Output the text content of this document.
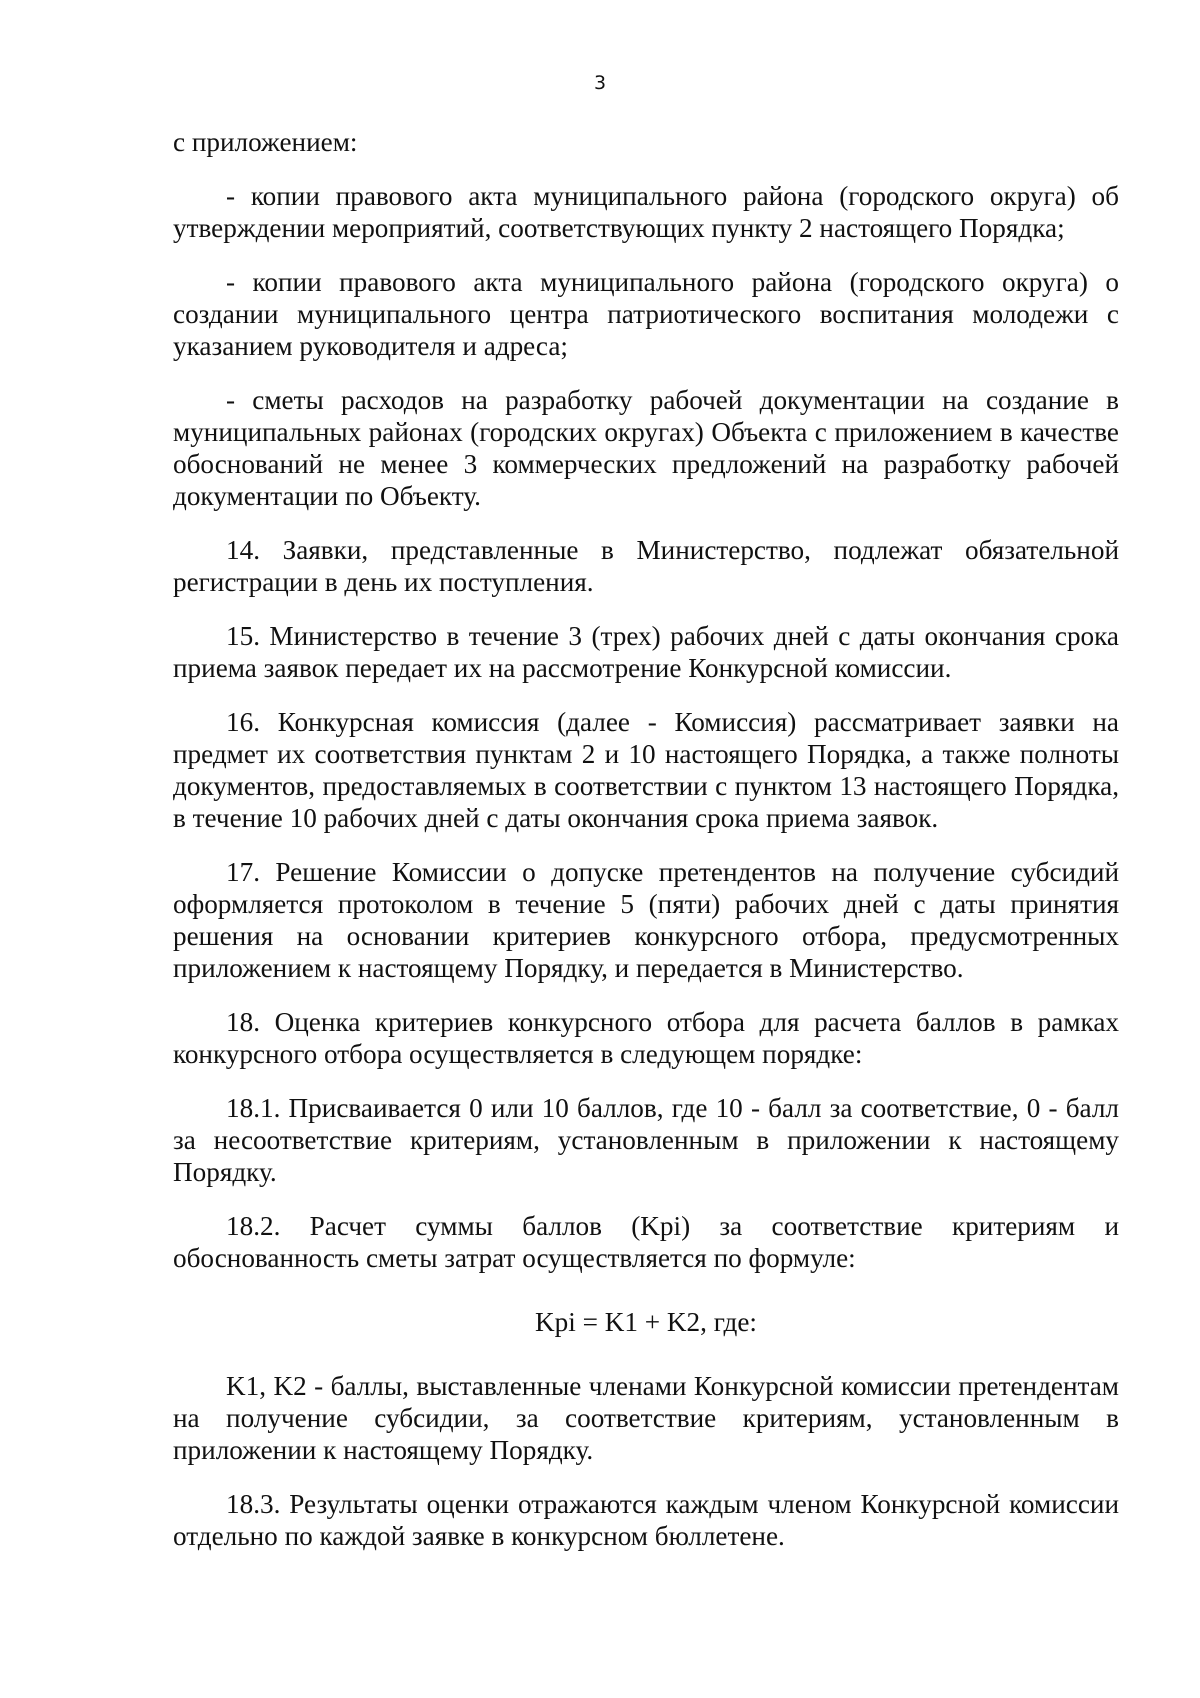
3

с приложением:

- копии правового акта муниципального района (городского округа) об утверждении мероприятий, соответствующих пункту 2 настоящего Порядка;

- копии правового акта муниципального района (городского округа) о создании муниципального центра патриотического воспитания молодежи с указанием руководителя и адреса;

- сметы расходов на разработку рабочей документации на создание в муниципальных районах (городских округах) Объекта с приложением в качестве обоснований не менее 3 коммерческих предложений на разработку рабочей документации по Объекту.

14. Заявки, представленные в Министерство, подлежат обязательной регистрации в день их поступления.

15. Министерство в течение 3 (трех) рабочих дней с даты окончания срока приема заявок передает их на рассмотрение Конкурсной комиссии.

16. Конкурсная комиссия (далее - Комиссия) рассматривает заявки на предмет их соответствия пунктам 2 и 10 настоящего Порядка, а также полноты документов, предоставляемых в соответствии с пунктом 13 настоящего Порядка, в течение 10 рабочих дней с даты окончания срока приема заявок.

17. Решение Комиссии о допуске претендентов на получение субсидий оформляется протоколом в течение 5 (пяти) рабочих дней с даты принятия решения на основании критериев конкурсного отбора, предусмотренных приложением к настоящему Порядку, и передается в Министерство.

18. Оценка критериев конкурсного отбора для расчета баллов в рамках конкурсного отбора осуществляется в следующем порядке:

18.1. Присваивается 0 или 10 баллов, где 10 - балл за соответствие, 0 - балл за несоответствие критериям, установленным в приложении к настоящему Порядку.

18.2. Расчет суммы баллов (Kpi) за соответствие критериям и обоснованность сметы затрат осуществляется по формуле:

Kpi = K1 + K2, где:

K1, K2 - баллы, выставленные членами Конкурсной комиссии претендентам на получение субсидии, за соответствие критериям, установленным в приложении к настоящему Порядку.

18.3. Результаты оценки отражаются каждым членом Конкурсной комиссии отдельно по каждой заявке в конкурсном бюллетене.
